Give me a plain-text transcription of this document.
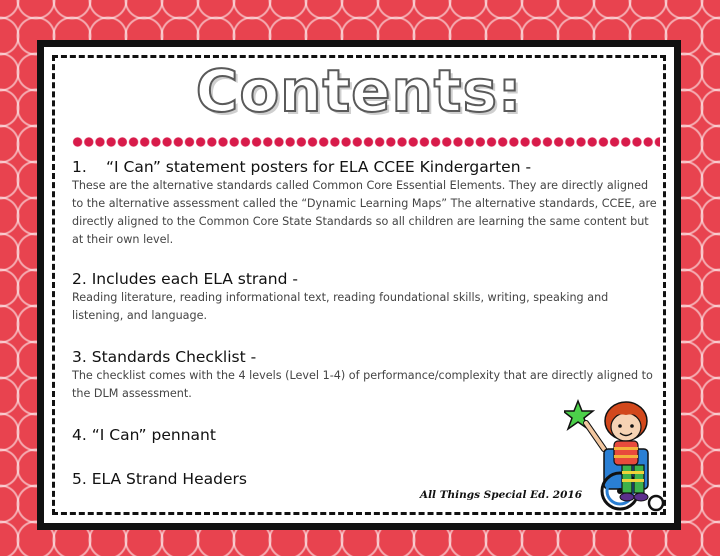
Contents:

1. “I Can” statement posters for ELA CCEE Kindergarten -

These are the alternative standards called Common Core Essential Elements. They are directly aligned to the alternative assessment called the “Dynamic Learning Maps” The alternative standards, CCEE, are directly aligned to the Common Core State Standards so all children are learning the same content but at their own level.

2. Includes each ELA strand -

Reading literature, reading informational text, reading foundational skills, writing, speaking and listening, and language.

3. Standards Checklist -

The checklist comes with the 4 levels (Level 1-4) of performance/complexity that are directly aligned to the DLM assessment.

4. “I Can” pennant

5. ELA Strand Headers

All Things Special Ed. 2016
